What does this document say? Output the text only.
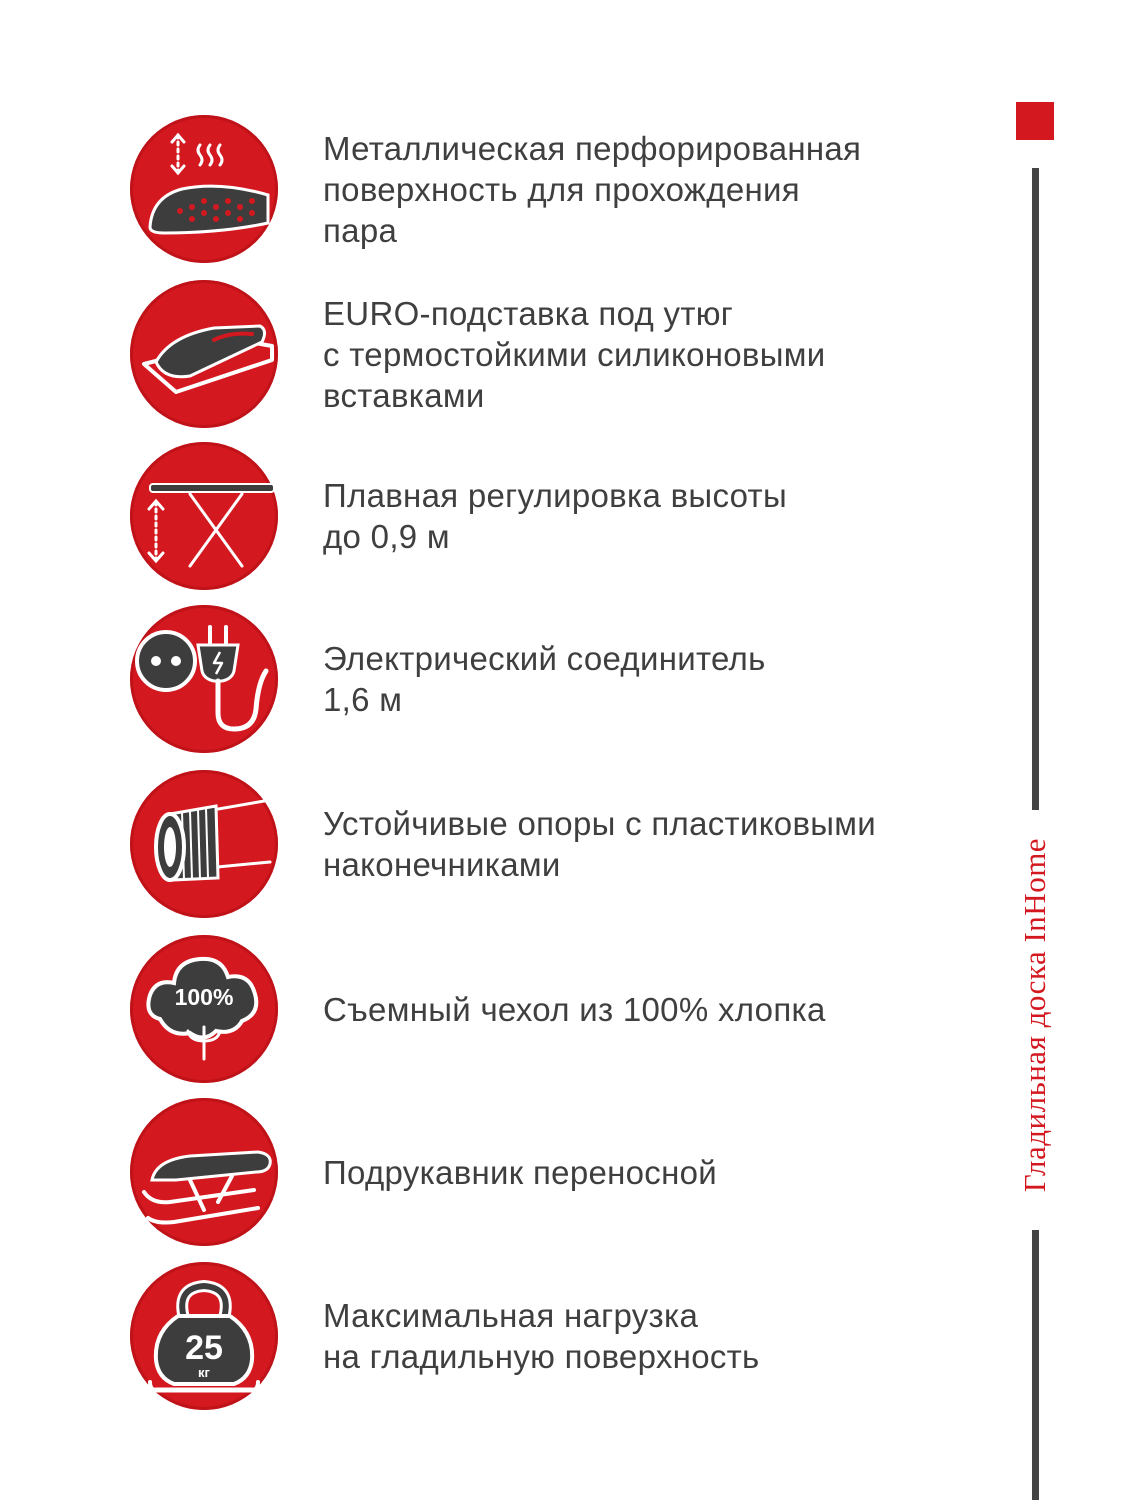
Металлическая перфорированная
поверхность для прохождения
пара
EURO-подставка под утюг
с термостойкими силиконовыми
вставками
Плавная регулировка высоты
до 0,9 м
Электрический соединитель
1,6 м
Устойчивые опоры с пластиковыми
наконечниками
100%	Съемный чехол из 100% хлопка
Подрукавник переносной
25
кг
Максимальная нагрузка
на гладильную поверхность
Гладильная доска InHome
